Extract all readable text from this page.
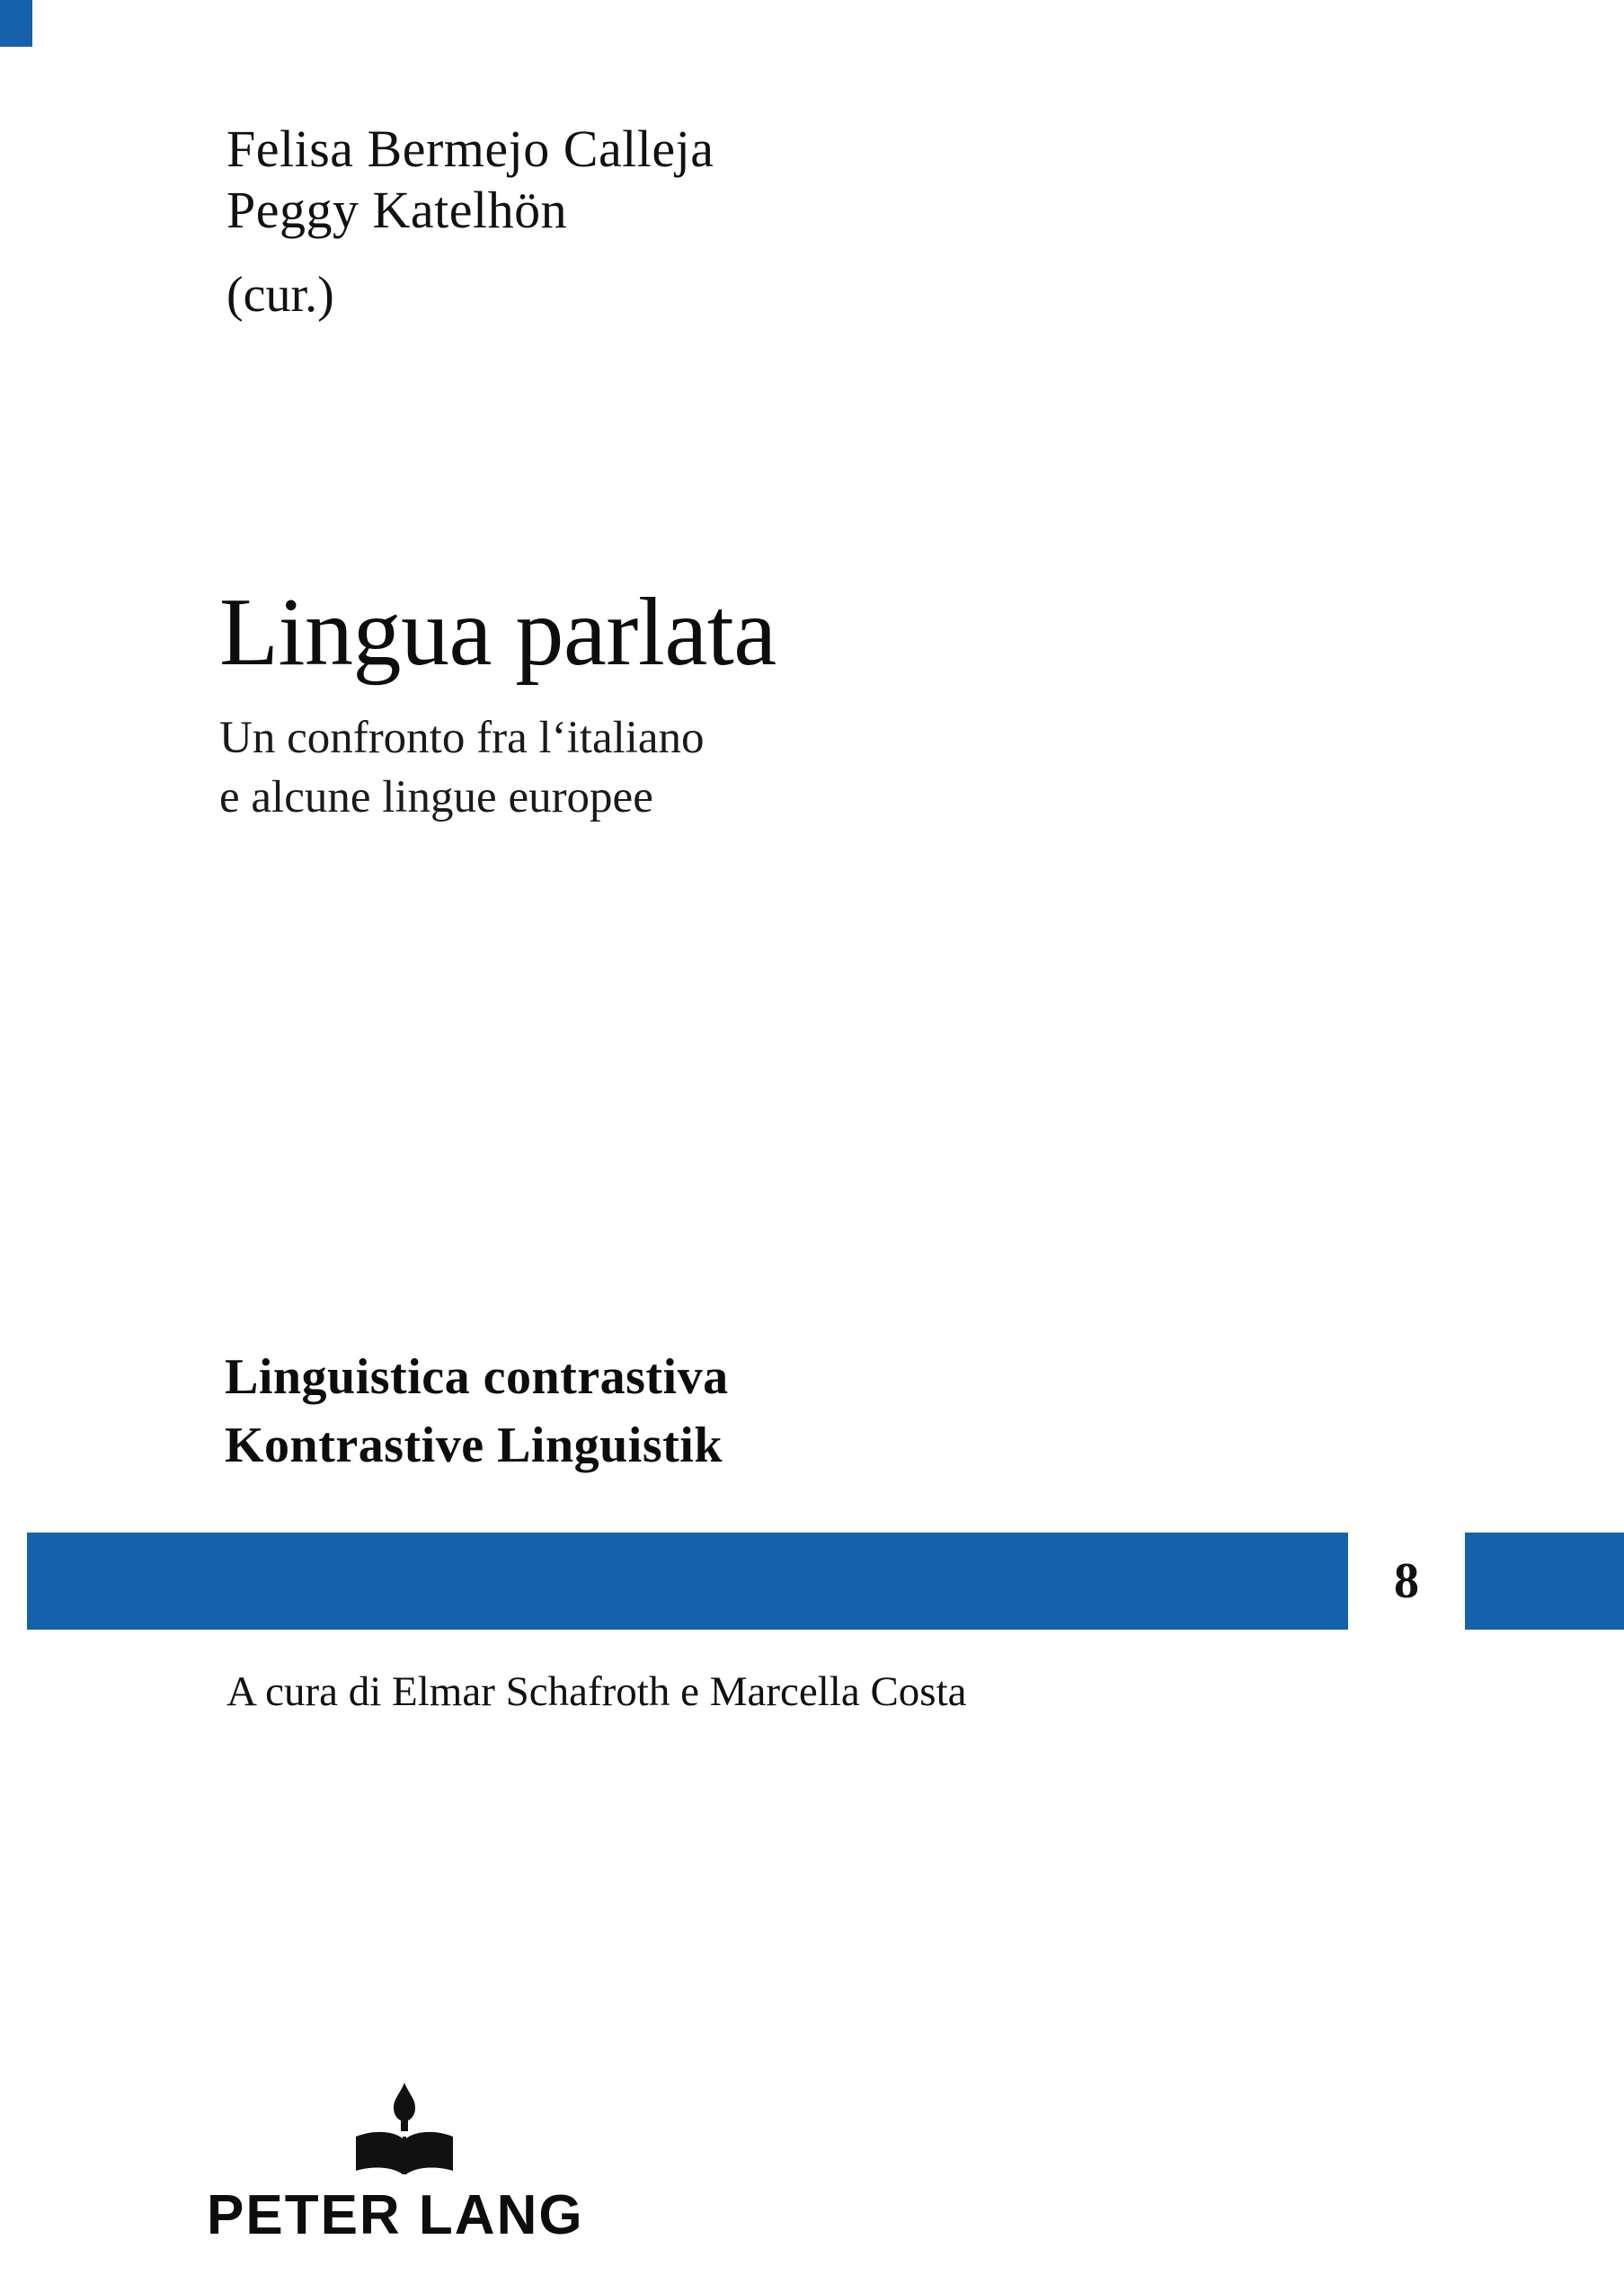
Felisa Bermejo Calleja
Peggy Katelhön
(cur.)
Lingua parlata
Un confronto fra l‘italiano
e alcune lingue europee
Linguistica contrastiva
Kontrastive Linguistik
8
A cura di Elmar Schafroth e Marcella Costa
PETER LANG
